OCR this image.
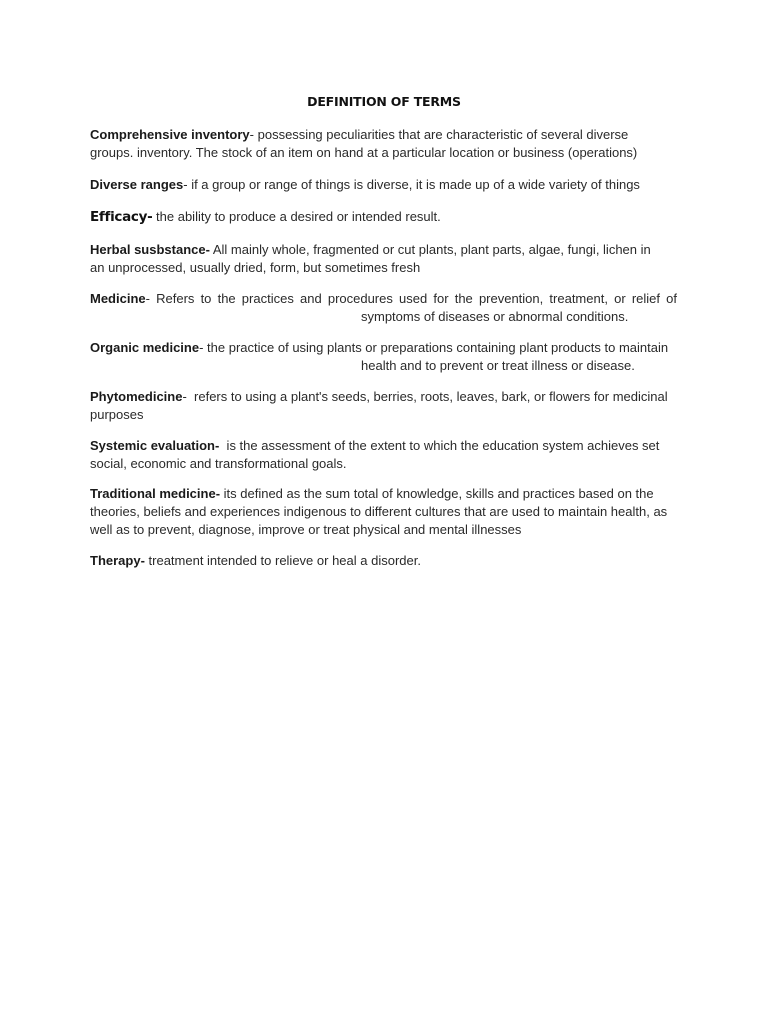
DEFINITION OF TERMS
Comprehensive inventory- possessing peculiarities that are characteristic of several diverse
groups. inventory. The stock of an item on hand at a particular location or business (operations)
Diverse ranges- if a group or range of things is diverse, it is made up of a wide variety of things
Efficacy- the ability to produce a desired or intended result.
Herbal susbstance- All mainly whole, fragmented or cut plants, plant parts, algae, fungi, lichen in
an unprocessed, usually dried, form, but sometimes fresh
Medicine- Refers to the practices and procedures used for the prevention, treatment, or relief of
symptoms of diseases or abnormal conditions.
Organic medicine- the practice of using plants or preparations containing plant products to maintain
health and to prevent or treat illness or disease.
Phytomedicine-  refers to using a plant's seeds, berries, roots, leaves, bark, or flowers for medicinal
purposes
Systemic evaluation-  is the assessment of the extent to which the education system achieves set
social, economic and transformational goals.
Traditional medicine- its defined as the sum total of knowledge, skills and practices based on the
theories, beliefs and experiences indigenous to different cultures that are used to maintain health, as
well as to prevent, diagnose, improve or treat physical and mental illnesses
Therapy- treatment intended to relieve or heal a disorder.
